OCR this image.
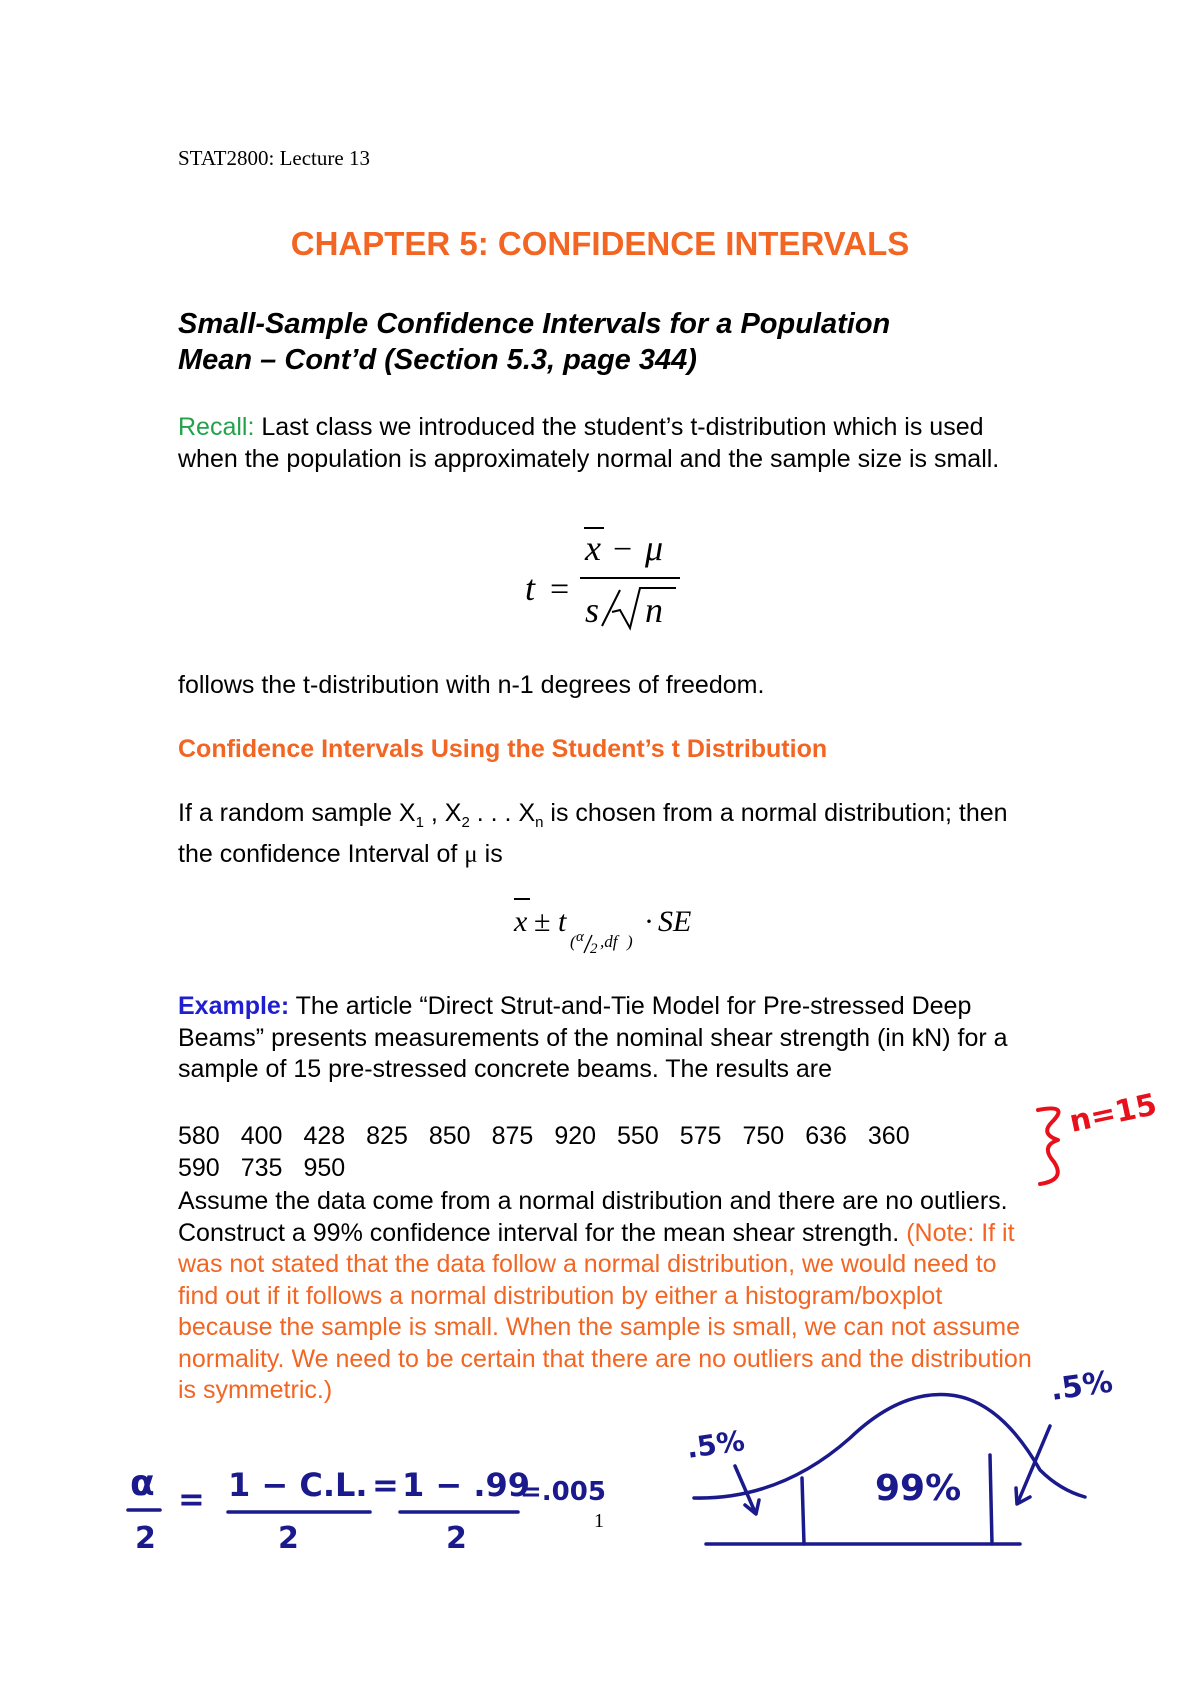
STAT2800: Lecture 13
CHAPTER 5: CONFIDENCE INTERVALS
Small-Sample Confidence Intervals for a Population
Mean – Cont’d (Section 5.3, page 344)
Recall: Last class we introduced the student’s t-distribution which is used when the population is approximately normal and the sample size is small.
t =
x − μ
s n
follows the t-distribution with n-1 degrees of freedom.
Confidence Intervals Using the Student’s t Distribution
If a random sample $X_1$ , $X_2$ . . . $X_n$ is chosen from a normal distribution; then the confidence Interval of μ is
x ± t
( α
2 ,df )
· SE
Example: The article “Direct Strut-and-Tie Model for Pre-stressed Deep Beams” presents measurements of the nominal shear strength (in kN) for a sample of 15 pre-stressed concrete beams. The results are
580 400 428 825 850 875 920 550 575 750 636 360
590 735 950
Assume the data come from a normal distribution and there are no outliers. Construct a 99% confidence interval for the mean shear strength. (Note: If it was not stated that the data follow a normal distribution, we would need to find out if it follows a normal distribution by either a histogram/boxplot because the sample is small. When the sample is small, we can not assume normality. We need to be certain that there are no outliers and the distribution is symmetric.)
1
n=15
99%
.5%
.5%
α
2
= 1 − C.L.
2
= 1 − .99
2
=.005
